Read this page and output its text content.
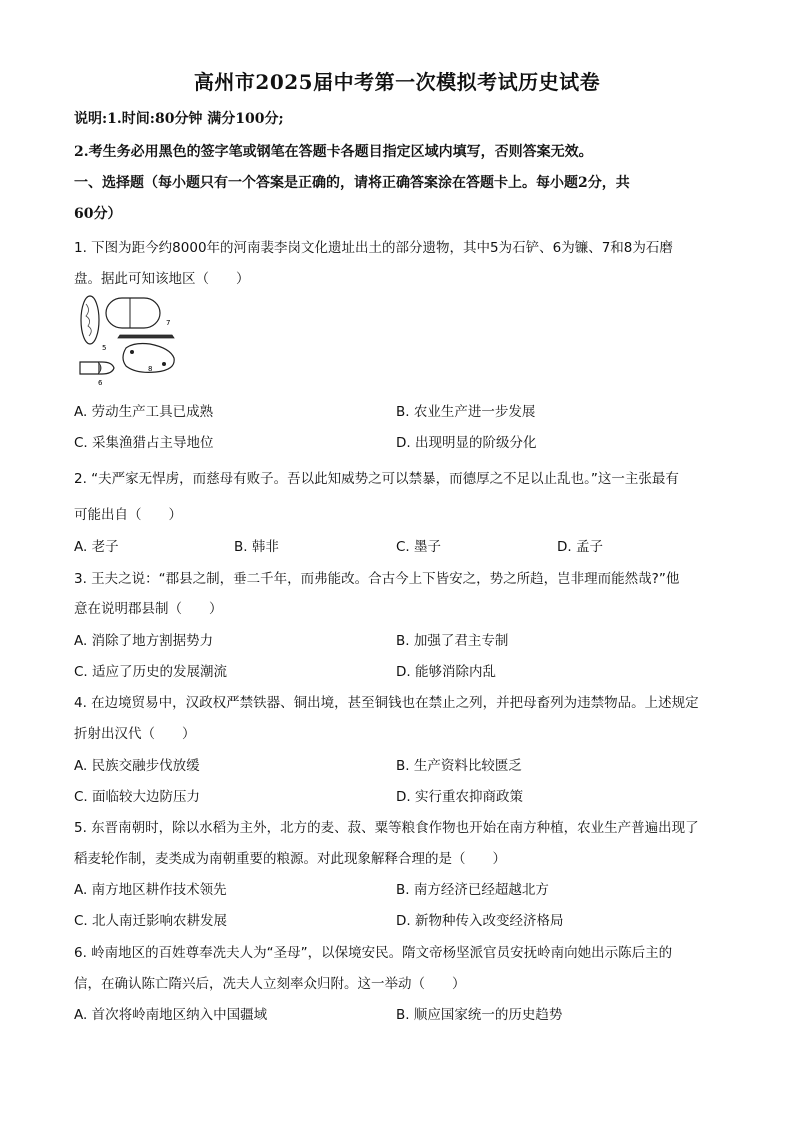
高州市2025届中考第一次模拟考试历史试卷
说明:1.时间:80分钟 满分100分;
2.考生务必用黑色的签字笔或钢笔在答题卡各题目指定区域内填写，否则答案无效。
一、选择题（每小题只有一个答案是正确的，请将正确答案涂在答题卡上。每小题2分，共
60分）
1. 下图为距今约8000年的河南裴李岗文化遗址出土的部分遗物，其中5为石铲、6为镰、7和8为石磨
盘。据此可知该地区（　　）
5
6
7
8
A. 劳动生产工具已成熟	B. 农业生产进一步发展
C. 采集渔猎占主导地位	D. 出现明显的阶级分化
2. “夫严家无悍虏，而慈母有败子。吾以此知威势之可以禁暴，而德厚之不足以止乱也。”这一主张最有
可能出自（　　）
A. 老子	B. 韩非	C. 墨子	D. 孟子
3. 王夫之说：“郡县之制，垂二千年，而弗能改。合古今上下皆安之，势之所趋，岂非理而能然哉?”他
意在说明郡县制（　　）
A. 消除了地方割据势力	B. 加强了君主专制
C. 适应了历史的发展潮流	D. 能够消除内乱
4. 在边境贸易中，汉政权严禁铁器、铜出境，甚至铜钱也在禁止之列，并把母畜列为违禁物品。上述规定
折射出汉代（　　）
A. 民族交融步伐放缓	B. 生产资料比较匮乏
C. 面临较大边防压力	D. 实行重农抑商政策
5. 东晋南朝时，除以水稻为主外，北方的麦、菽、粟等粮食作物也开始在南方种植，农业生产普遍出现了
稻麦轮作制，麦类成为南朝重要的粮源。对此现象解释合理的是（　　）
A. 南方地区耕作技术领先	B. 南方经济已经超越北方
C. 北人南迁影响农耕发展	D. 新物种传入改变经济格局
6. 岭南地区的百姓尊奉冼夫人为“圣母”，以保境安民。隋文帝杨坚派官员安抚岭南向她出示陈后主的
信，在确认陈亡隋兴后，冼夫人立刻率众归附。这一举动（　　）
A. 首次将岭南地区纳入中国疆域	B. 顺应国家统一的历史趋势
